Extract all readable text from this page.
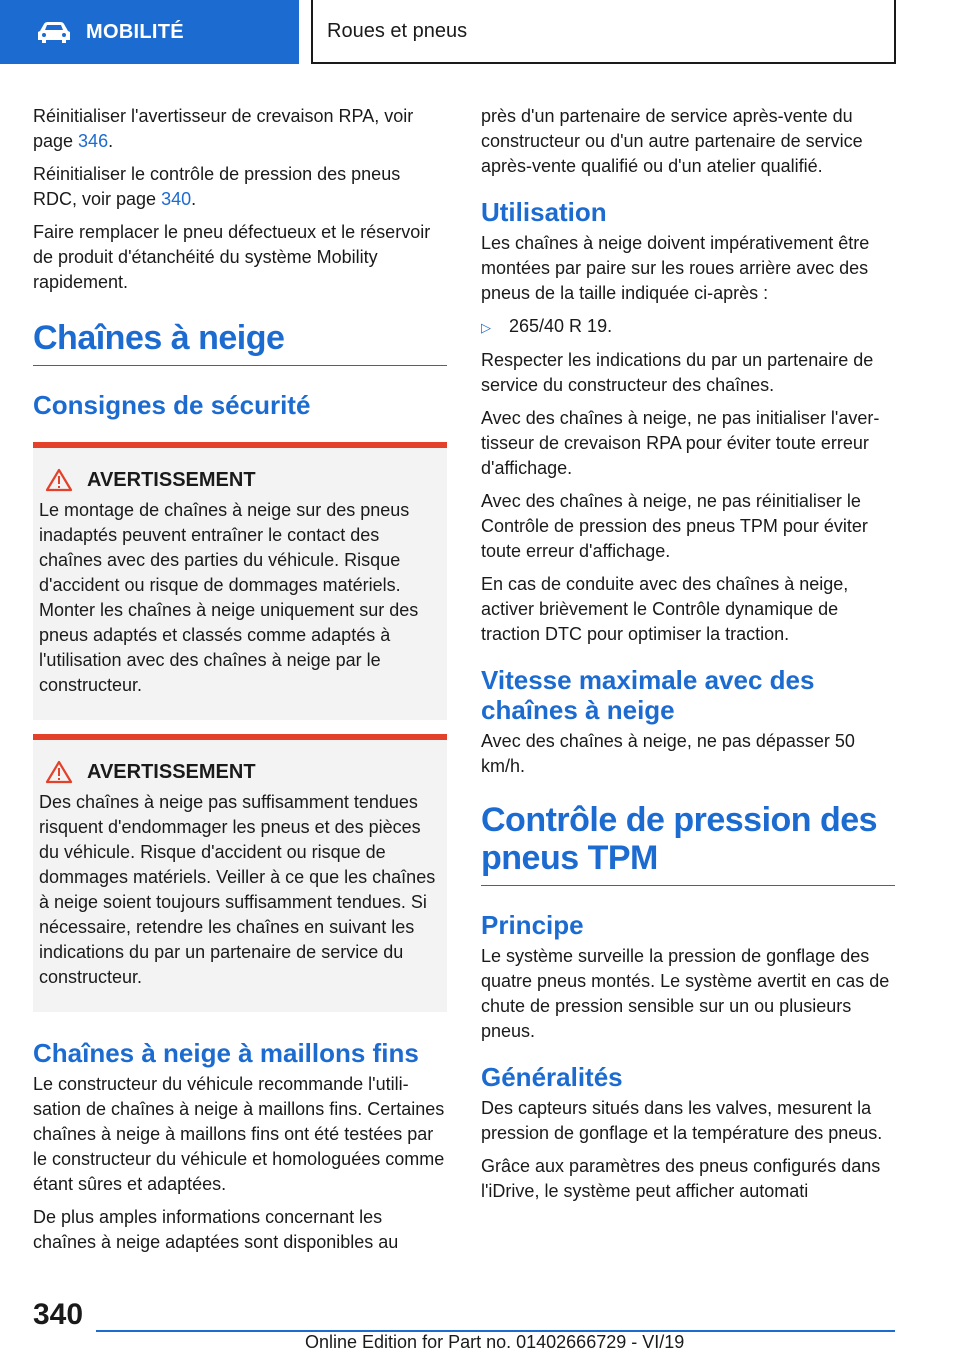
MOBILITÉ	Roues et pneus

Réinitialiser l'avertisseur de crevaison RPA, voir page 346.

Réinitialiser le contrôle de pression des pneus RDC, voir page 340.

Faire remplacer le pneu défectueux et le réservoir de produit d'étanchéité du système Mobility rapidement.

Chaînes à neige
Consignes de sécurité
AVERTISSEMENT

Le montage de chaînes à neige sur des pneus inadaptés peuvent entraîner le contact des chaînes avec des parties du véhicule. Risque d'accident ou risque de dommages matériels. Monter les chaînes à neige uniquement sur des pneus adaptés et classés comme adaptés à l'utilisation avec des chaînes à neige par le constructeur.

AVERTISSEMENT

Des chaînes à neige pas suffisamment tendues risquent d'endommager les pneus et des pièces du véhicule. Risque d'accident ou risque de dommages matériels. Veiller à ce que les chaînes à neige soient toujours suffisamment tendues. Si nécessaire, retendre les chaînes en suivant les indications du par un partenaire de service du constructeur.

Chaînes à neige à maillons fins

Le constructeur du véhicule recommande l'utilisation de chaînes à neige à maillons fins. Certaines chaînes à neige à maillons fins ont été testées par le constructeur du véhicule et homologuées comme étant sûres et adaptées.

De plus amples informations concernant les chaînes à neige adaptées sont disponibles au

près d'un partenaire de service après-vente du constructeur ou d'un autre partenaire de service après-vente qualifié ou d'un atelier qualifié.

Utilisation

Les chaînes à neige doivent impérativement être montées par paire sur les roues arrière avec des pneus de la taille indiquée ci-après :

▷	265/40 R 19.

Respecter les indications du par un partenaire de service du constructeur des chaînes.

Avec des chaînes à neige, ne pas initialiser l'avertisseur de crevaison RPA pour éviter toute erreur d'affichage.

Avec des chaînes à neige, ne pas réinitialiser le Contrôle de pression des pneus TPM pour éviter toute erreur d'affichage.

En cas de conduite avec des chaînes à neige, activer brièvement le Contrôle dynamique de traction DTC pour optimiser la traction.

Vitesse maximale avec des chaînes à neige

Avec des chaînes à neige, ne pas dépasser 50 km/h.

Contrôle de pression des pneus TPM
Principe

Le système surveille la pression de gonflage des quatre pneus montés. Le système avertit en cas de chute de pression sensible sur un ou plusieurs pneus.

Généralités

Des capteurs situés dans les valves, mesurent la pression de gonflage et la température des pneus.

Grâce aux paramètres des pneus configurés dans l'iDrive, le système peut afficher automati

340
Online Edition for Part no. 01402666729 - VI/19
